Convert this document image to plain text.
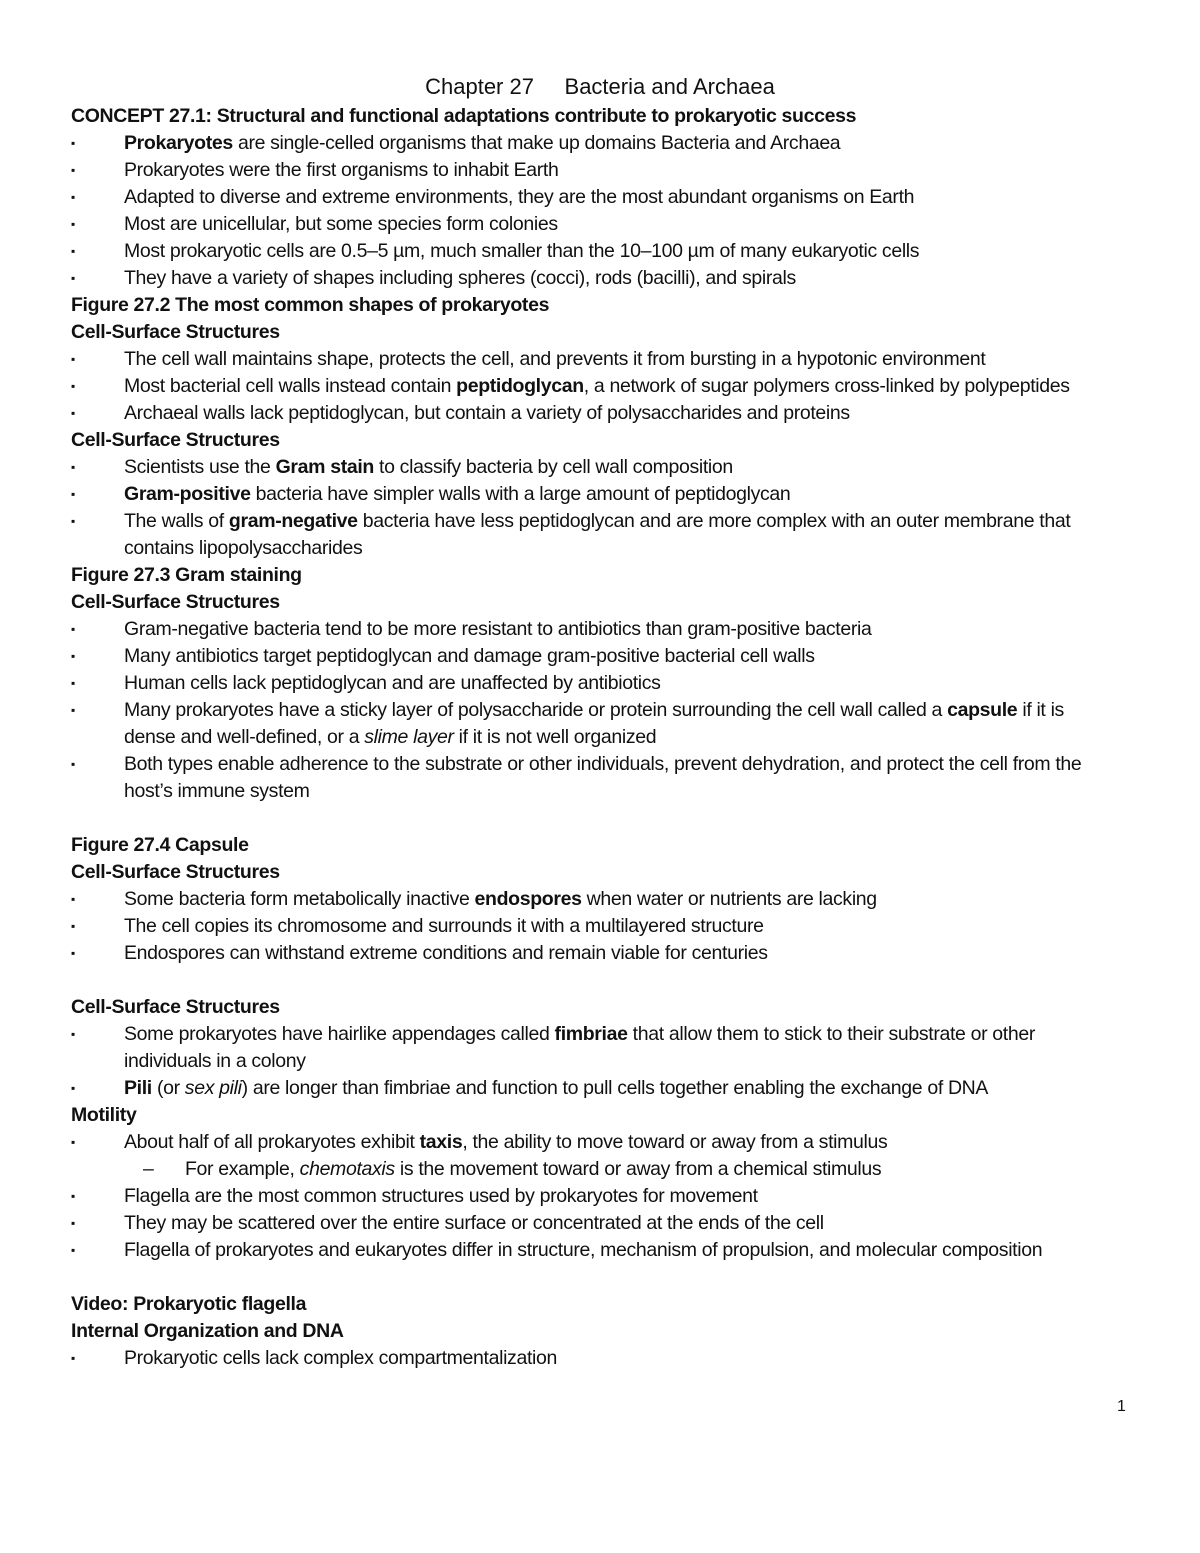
Chapter 27     Bacteria and Archaea
CONCEPT 27.1: Structural and functional adaptations contribute to prokaryotic success
▪	Prokaryotes are single-celled organisms that make up domains Bacteria and Archaea
▪	Prokaryotes were the first organisms to inhabit Earth
▪	Adapted to diverse and extreme environments, they are the most abundant organisms on Earth
▪	Most are unicellular, but some species form colonies
▪	Most prokaryotic cells are 0.5–5 µm, much smaller than the 10–100 µm of many eukaryotic cells
▪	They have a variety of shapes including spheres (cocci), rods (bacilli), and spirals
Figure 27.2 The most common shapes of prokaryotes
Cell-Surface Structures
▪	The cell wall maintains shape, protects the cell, and prevents it from bursting in a hypotonic environment
▪	Most bacterial cell walls instead contain peptidoglycan, a network of sugar polymers cross-linked by polypeptides
▪	Archaeal walls lack peptidoglycan, but contain a variety of polysaccharides and proteins
Cell-Surface Structures
▪	Scientists use the Gram stain to classify bacteria by cell wall composition
▪	Gram-positive bacteria have simpler walls with a large amount of peptidoglycan
▪	The walls of gram-negative bacteria have less peptidoglycan and are more complex with an outer membrane that
contains lipopolysaccharides
Figure 27.3 Gram staining
Cell-Surface Structures
▪	Gram-negative bacteria tend to be more resistant to antibiotics than gram-positive bacteria
▪	Many antibiotics target peptidoglycan and damage gram-positive bacterial cell walls
▪	Human cells lack peptidoglycan and are unaffected by antibiotics
▪	Many prokaryotes have a sticky layer of polysaccharide or protein surrounding the cell wall called a capsule if it is
dense and well-defined, or a slime layer if it is not well organized
▪	Both types enable adherence to the substrate or other individuals, prevent dehydration, and protect the cell from the
host’s immune system
Figure 27.4 Capsule
Cell-Surface Structures
▪	Some bacteria form metabolically inactive endospores when water or nutrients are lacking
▪	The cell copies its chromosome and surrounds it with a multilayered structure
▪	Endospores can withstand extreme conditions and remain viable for centuries
Cell-Surface Structures
▪	Some prokaryotes have hairlike appendages called fimbriae that allow them to stick to their substrate or other
individuals in a colony
▪	Pili (or sex pili) are longer than fimbriae and function to pull cells together enabling the exchange of DNA
Motility
▪	About half of all prokaryotes exhibit taxis, the ability to move toward or away from a stimulus
– For example, chemotaxis is the movement toward or away from a chemical stimulus
▪	Flagella are the most common structures used by prokaryotes for movement
▪	They may be scattered over the entire surface or concentrated at the ends of the cell
▪	Flagella of prokaryotes and eukaryotes differ in structure, mechanism of propulsion, and molecular composition
Video: Prokaryotic flagella
Internal Organization and DNA
▪	Prokaryotic cells lack complex compartmentalization
1
